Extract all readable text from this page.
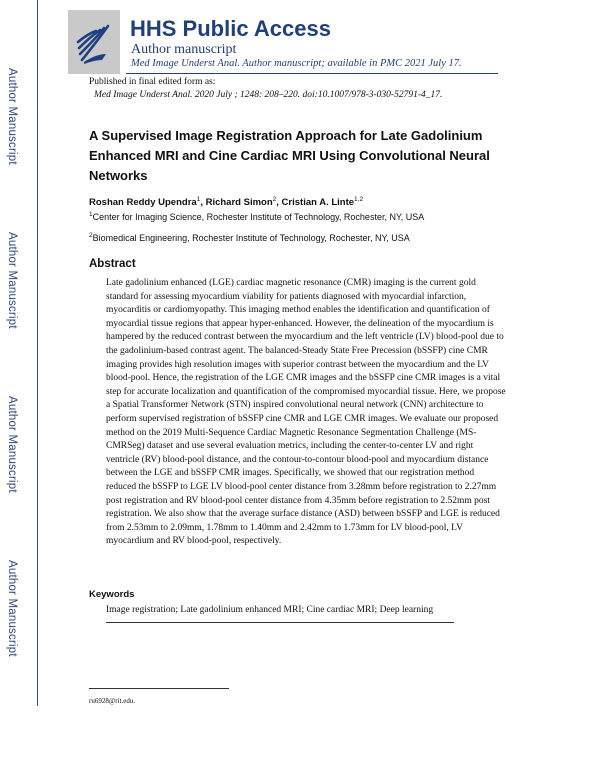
Author Manuscript
Author Manuscript
Author Manuscript
Author Manuscript
HHS Public Access
Author manuscript
Med Image Underst Anal. Author manuscript; available in PMC 2021 July 17.
Published in final edited form as:
Med Image Underst Anal. 2020 July ; 1248: 208–220. doi:10.1007/978-3-030-52791-4_17.
A Supervised Image Registration Approach for Late Gadolinium Enhanced MRI and Cine Cardiac MRI Using Convolutional Neural Networks
Roshan Reddy Upendra$^1$, Richard Simon$^2$, Cristian A. Linte$^{1,2}$
$^1$Center for Imaging Science, Rochester Institute of Technology, Rochester, NY, USA
$^2$Biomedical Engineering, Rochester Institute of Technology, Rochester, NY, USA
Abstract
Late gadolinium enhanced (LGE) cardiac magnetic resonance (CMR) imaging is the current gold standard for assessing myocardium viability for patients diagnosed with myocardial infarction, myocarditis or cardiomyopathy. This imaging method enables the identification and quantification of myocardial tissue regions that appear hyper-enhanced. However, the delineation of the myocardium is hampered by the reduced contrast between the myocardium and the left ventricle (LV) blood-pool due to the gadolinium-based contrast agent. The balanced-Steady State Free Precession (bSSFP) cine CMR imaging provides high resolution images with superior contrast between the myocardium and the LV blood-pool. Hence, the registration of the LGE CMR images and the bSSFP cine CMR images is a vital step for accurate localization and quantification of the compromised myocardial tissue. Here, we propose a Spatial Transformer Network (STN) inspired convolutional neural network (CNN) architecture to perform supervised registration of bSSFP cine CMR and LGE CMR images. We evaluate our proposed method on the 2019 Multi-Sequence Cardiac Magnetic Resonance Segmentation Challenge (MS-CMRSeg) dataset and use several evaluation metrics, including the center-to-center LV and right ventricle (RV) blood-pool distance, and the contour-to-contour blood-pool and myocardium distance between the LGE and bSSFP CMR images. Specifically, we showed that our registration method reduced the bSSFP to LGE LV blood-pool center distance from 3.28mm before registration to 2.27mm post registration and RV blood-pool center distance from 4.35mm before registration to 2.52mm post registration. We also show that the average surface distance (ASD) between bSSFP and LGE is reduced from 2.53mm to 2.09mm, 1.78mm to 1.40mm and 2.42mm to 1.73mm for LV blood-pool, LV myocardium and RV blood-pool, respectively.
Keywords
Image registration; Late gadolinium enhanced MRI; Cine cardiac MRI; Deep learning
ru6928@rit.edu.
